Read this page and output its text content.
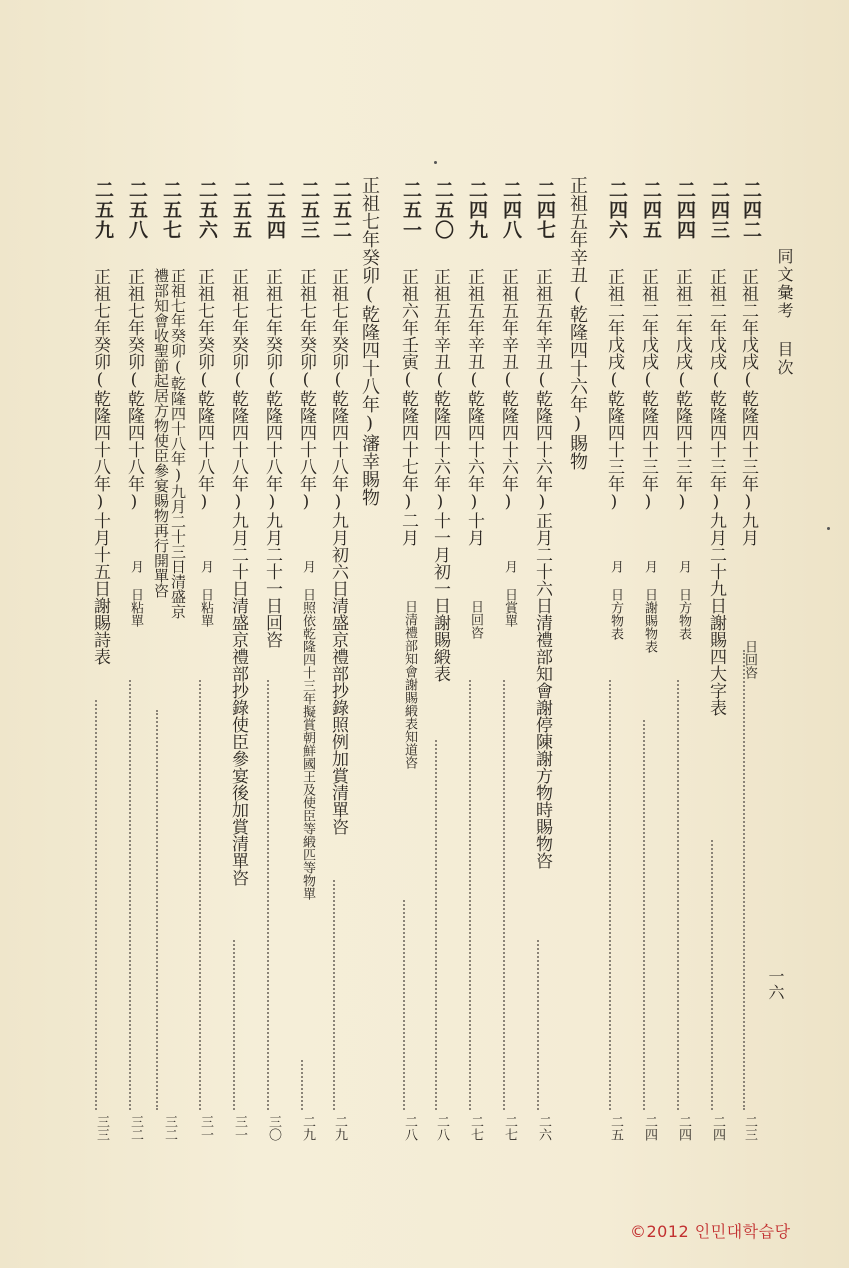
同文彙考 目次
一六
二四二
正祖二年戊戌(乾隆四十三年)九月
日回咨
二三
二四三
正祖二年戊戌(乾隆四十三年)九月二十九日謝賜四大字表
二四
二四四
正祖二年戊戌(乾隆四十三年)
月 日方物表
二四
二四五
正祖二年戊戌(乾隆四十三年)
月 日謝賜物表
二四
二四六
正祖二年戊戌(乾隆四十三年)
月 日方物表
二五
正祖五年辛丑(乾隆四十六年)賜物
二四七
正祖五年辛丑(乾隆四十六年)正月二十六日清禮部知會謝停陳謝方物時賜物咨
二六
二四八
正祖五年辛丑(乾隆四十六年)
月 日賞單
二七
二四九
正祖五年辛丑(乾隆四十六年)十月
日回咨
二七
二五〇
正祖五年辛丑(乾隆四十六年)十一月初一日謝賜緞表
二八
二五一
正祖六年壬寅(乾隆四十七年)二月
日清禮部知會謝賜緞表知道咨
二八
正祖七年癸卯(乾隆四十八年)瀋幸賜物
二五二
正祖七年癸卯(乾隆四十八年)九月初六日清盛京禮部抄錄照例加賞清單咨
二九
二五三
正祖七年癸卯(乾隆四十八年)
月 日照依乾隆四十三年擬賞朝鮮國王及使臣等緞匹等物單
二九
二五四
正祖七年癸卯(乾隆四十八年)九月二十一日回咨
三〇
二五五
正祖七年癸卯(乾隆四十八年)九月二十日清盛京禮部抄錄使臣參宴後加賞清單咨
三一
二五六
正祖七年癸卯(乾隆四十八年)
月 日粘單
三一
二五七
正祖七年癸卯(乾隆四十八年)九月二十三日清盛京
禮部知會收聖節起居方物使臣參宴賜物再行開單咨
三二
二五八
正祖七年癸卯(乾隆四十八年)
月 日粘單
三二
二五九
正祖七年癸卯(乾隆四十八年)十月十五日謝賜詩表
三三
©2012 인민대학습당
